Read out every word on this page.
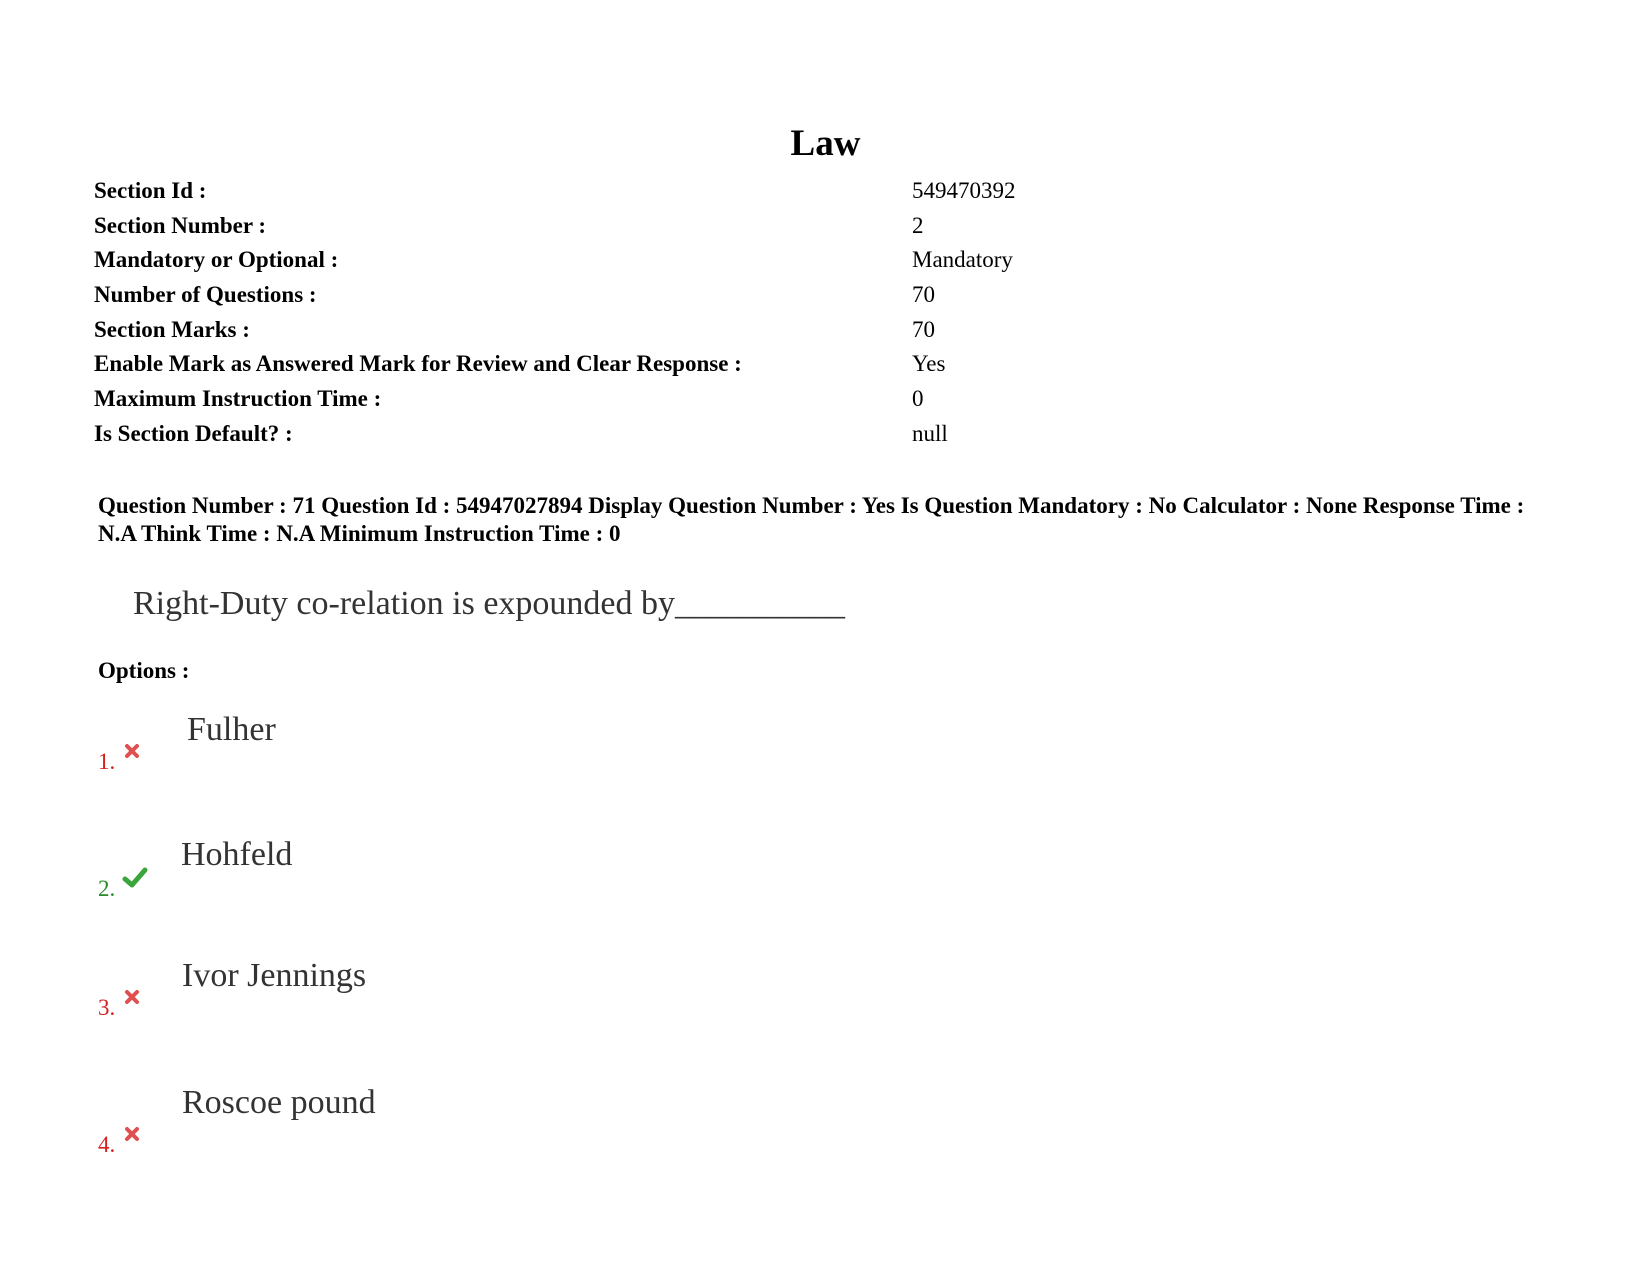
Law
Section Id :	549470392
Section Number :	2
Mandatory or Optional :	Mandatory
Number of Questions :	70
Section Marks :	70
Enable Mark as Answered Mark for Review and Clear Response :	Yes
Maximum Instruction Time :	0
Is Section Default? :	null
Question Number : 71 Question Id : 54947027894 Display Question Number : Yes Is Question Mandatory : No Calculator : None Response Time : N.A Think Time : N.A Minimum Instruction Time : 0
Right-Duty co-relation is expounded by__________
Options :
1.
Fulher
2.
Hohfeld
3.
Ivor Jennings
4.
Roscoe pound
